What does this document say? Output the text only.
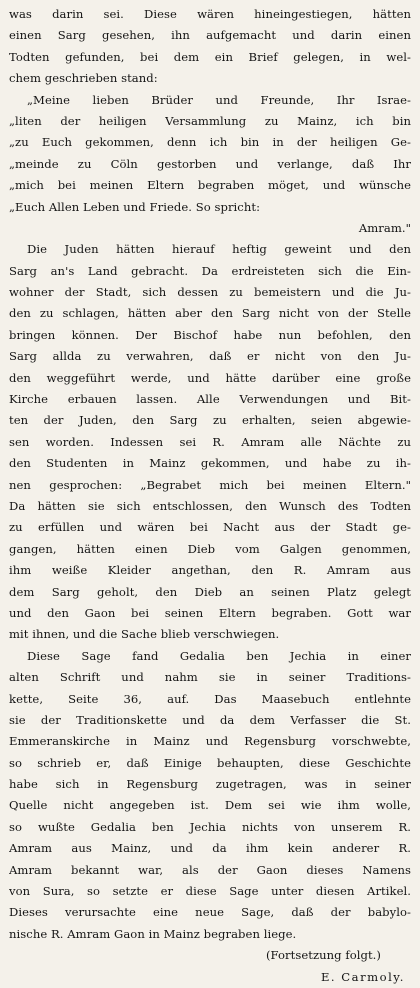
was darin sei. Diese wären hineingestiegen, hätten
einen Sarg gesehen, ihn aufgemacht und darin einen
Todten gefunden, bei dem ein Brief gelegen, in wel-
chem geschrieben stand:
„Meine lieben Brüder und Freunde, Ihr Israe-
„liten der heiligen Versammlung zu Mainz, ich bin
„zu Euch gekommen, denn ich bin in der heiligen Ge-
„meinde zu Cöln gestorben und verlange, daß Ihr
„mich bei meinen Eltern begraben möget, und wünsche
„Euch Allen Leben und Friede. So spricht:
Amram."
Die Juden hätten hierauf heftig geweint und den
Sarg an's Land gebracht. Da erdreisteten sich die Ein-
wohner der Stadt, sich dessen zu bemeistern und die Ju-
den zu schlagen, hätten aber den Sarg nicht von der Stelle
bringen können. Der Bischof habe nun befohlen, den
Sarg allda zu verwahren, daß er nicht von den Ju-
den weggeführt werde, und hätte darüber eine große
Kirche erbauen lassen. Alle Verwendungen und Bit-
ten der Juden, den Sarg zu erhalten, seien abgewie-
sen worden. Indessen sei R. Amram alle Nächte zu
den Studenten in Mainz gekommen, und habe zu ih-
nen gesprochen: „Begrabet mich bei meinen Eltern."
Da hätten sie sich entschlossen, den Wunsch des Todten
zu erfüllen und wären bei Nacht aus der Stadt ge-
gangen, hätten einen Dieb vom Galgen genommen,
ihm weiße Kleider angethan, den R. Amram aus
dem Sarg geholt, den Dieb an seinen Platz gelegt
und den Gaon bei seinen Eltern begraben. Gott war
mit ihnen, und die Sache blieb verschwiegen.
Diese Sage fand Gedalia ben Jechia in einer
alten Schrift und nahm sie in seiner Traditions-
kette, Seite 36, auf. Das Maasebuch entlehnte
sie der Traditionskette und da dem Verfasser die St.
Emmeranskirche in Mainz und Regensburg vorschwebte,
so schrieb er, daß Einige behaupten, diese Geschichte
habe sich in Regensburg zugetragen, was in seiner
Quelle nicht angegeben ist. Dem sei wie ihm wolle,
so wußte Gedalia ben Jechia nichts von unserem R.
Amram aus Mainz, und da ihm kein anderer R.
Amram bekannt war, als der Gaon dieses Namens
von Sura, so setzte er diese Sage unter diesen Artikel.
Dieses verursachte eine neue Sage, daß der babylo-
nische R. Amram Gaon in Mainz begraben liege.
(Fortsetzung folgt.)
E. Carmoly.
